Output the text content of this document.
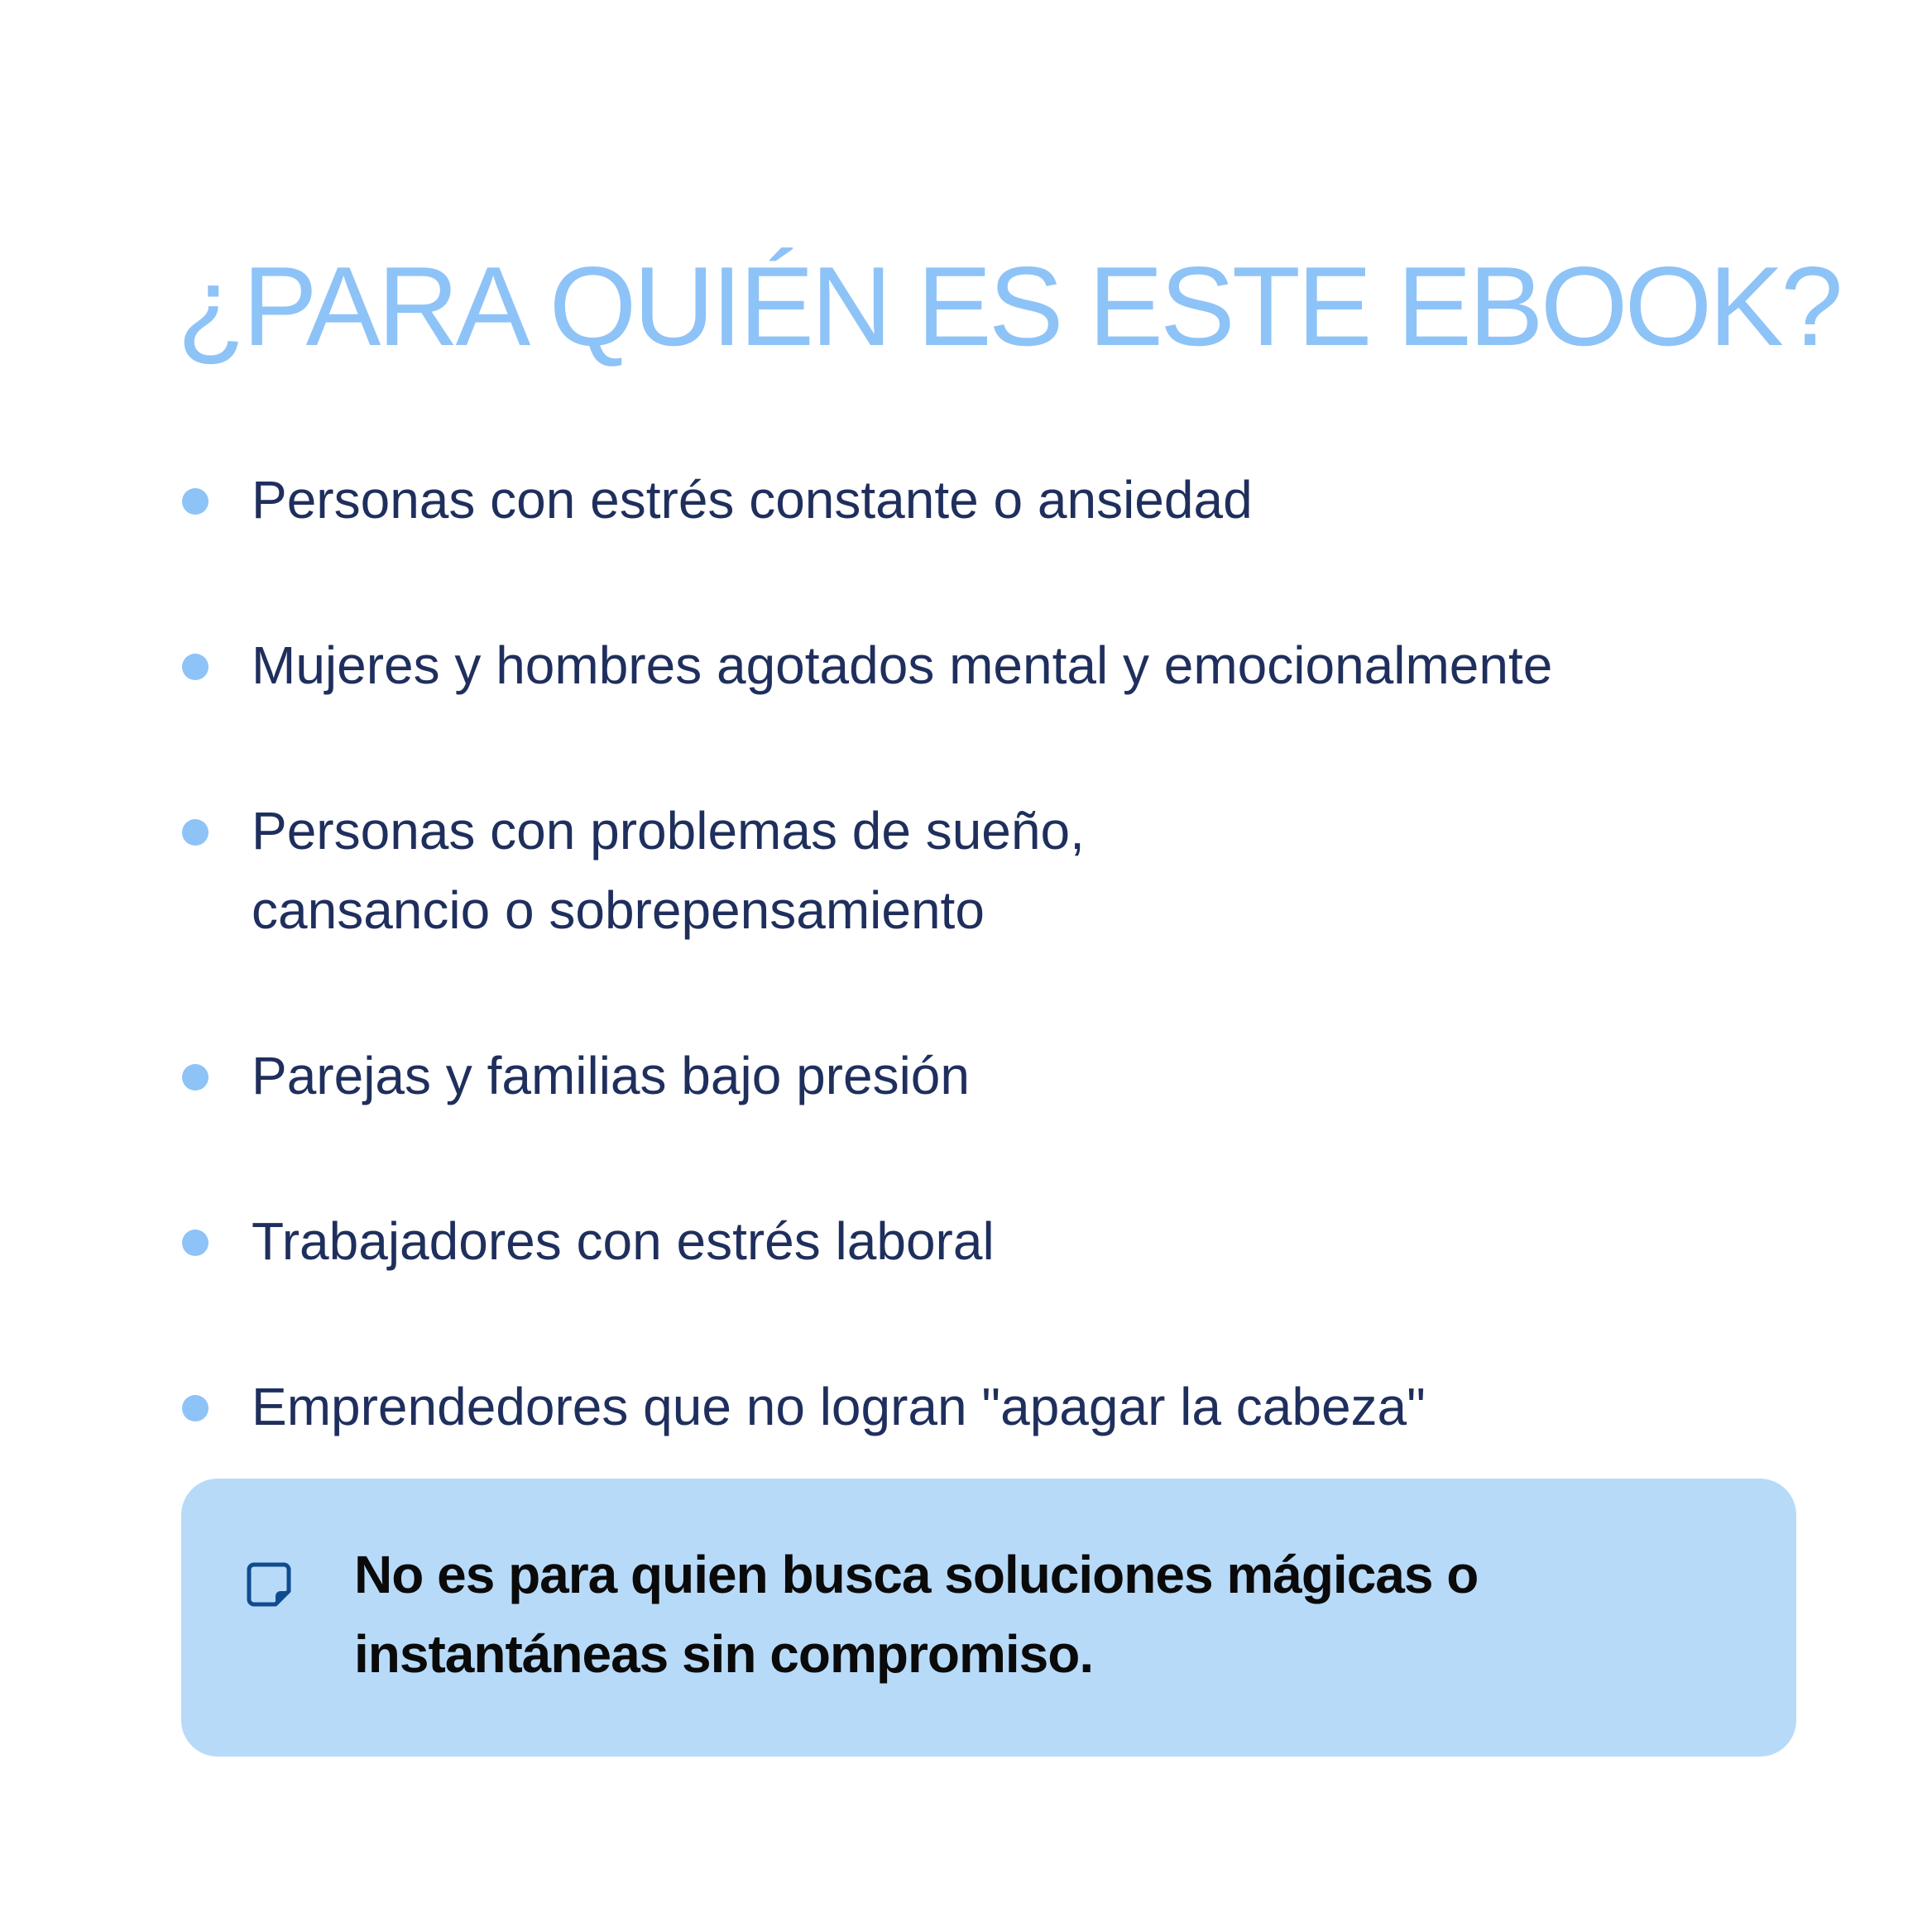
¿PARA QUIÉN ES ESTE EBOOK?
Personas con estrés constante o ansiedad
Mujeres y hombres agotados mental y emocionalmente
Personas con problemas de sueño, cansancio o sobrepensamiento
Parejas y familias bajo presión
Trabajadores con estrés laboral
Emprendedores que no logran "apagar la cabeza"

No es para quien busca soluciones mágicas o instantáneas sin compromiso.
